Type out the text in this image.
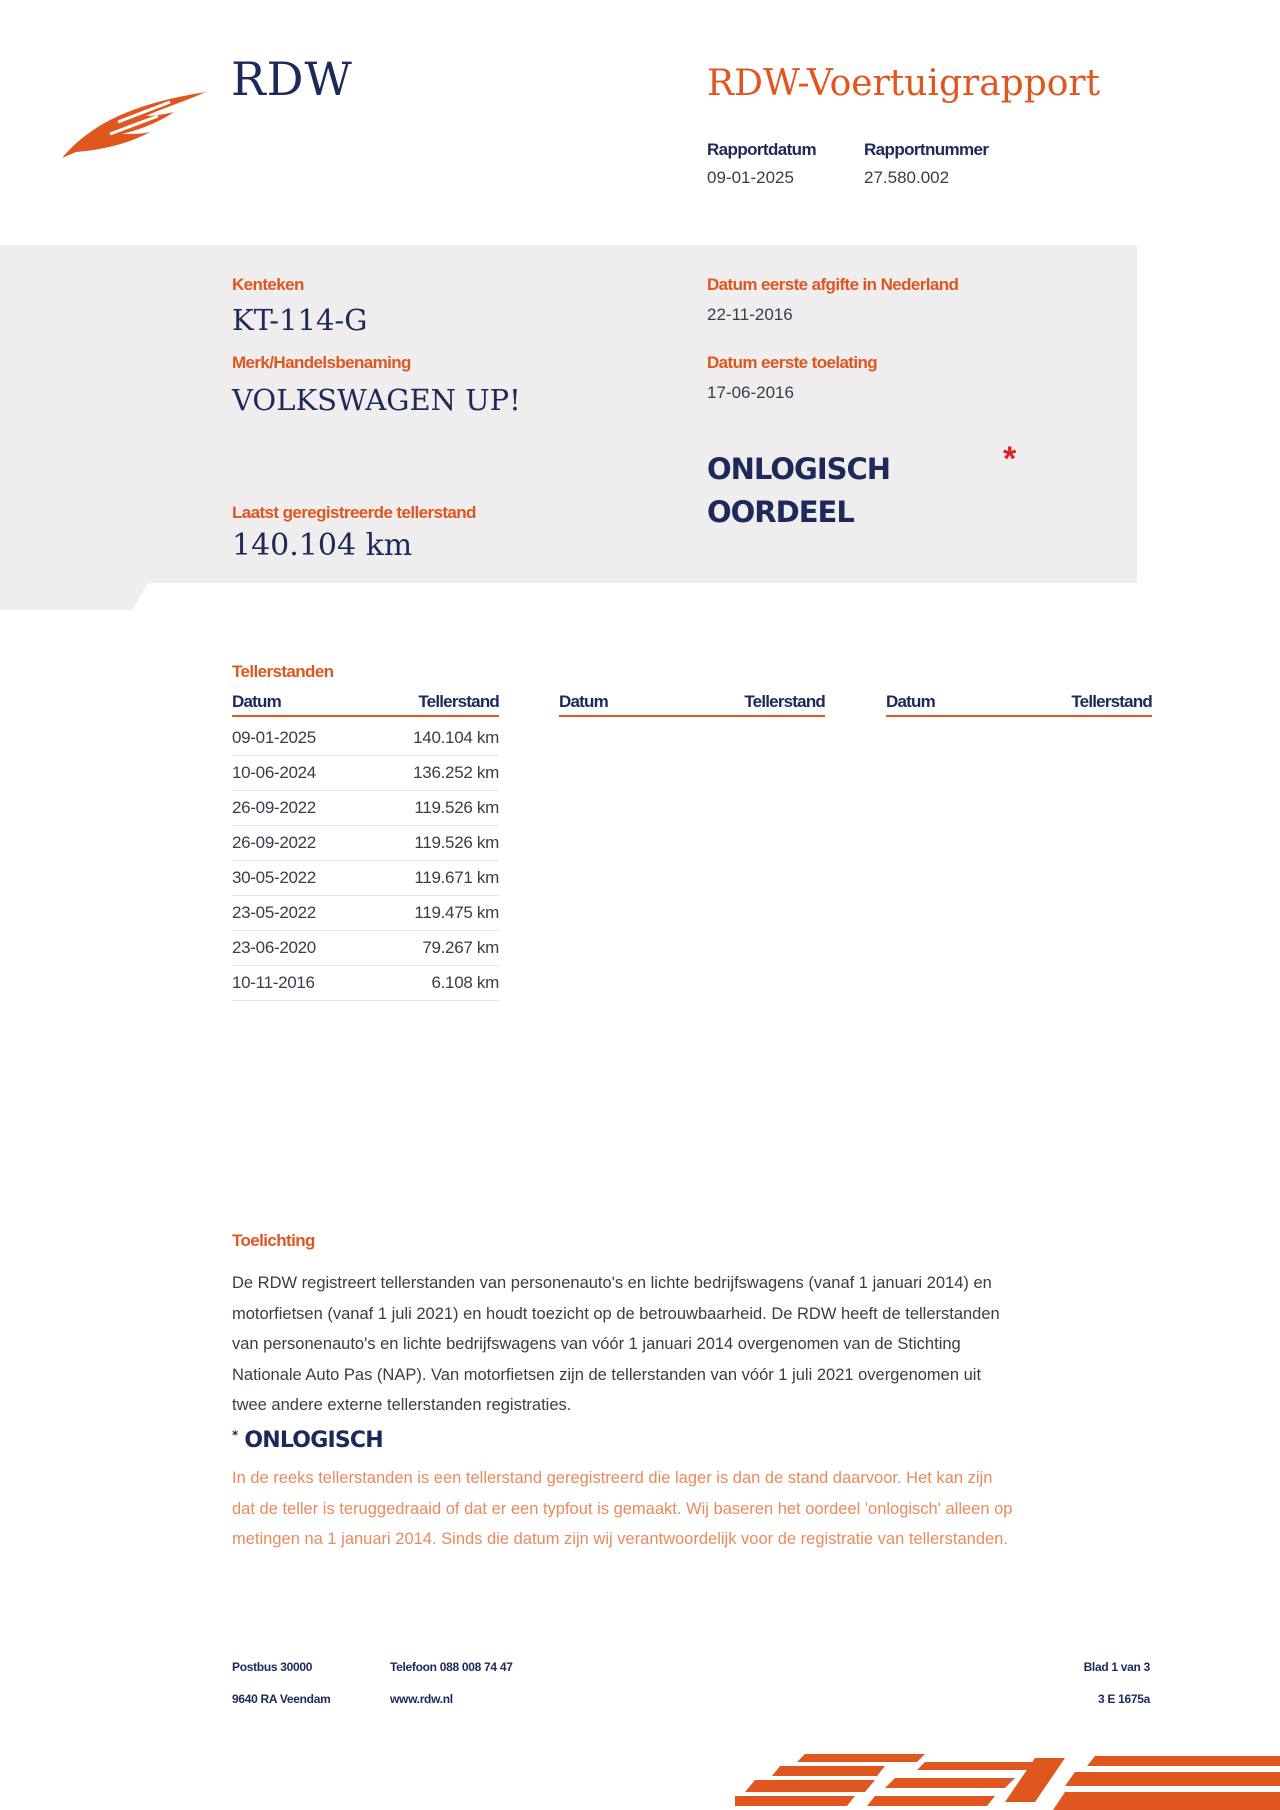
RDW	RDW-Voertuigrapport
Rapportdatum
09-01-2025
Rapportnummer
27.580.002
Kenteken
KT-114-G
Merk/Handelsbenaming
VOLKSWAGEN UP!
Laatst geregistreerde tellerstand
140.104 km
Datum eerste afgifte in Nederland
22-11-2016
Datum eerste toelating
17-06-2016
ONLOGISCH
OORDEEL
*
Tellerstanden
Datum	Tellerstand
09-01-2025	140.104 km
10-06-2024	136.252 km
26-09-2022	119.526 km
26-09-2022	119.526 km
30-05-2022	119.671 km
23-05-2022	119.475 km
23-06-2020	79.267 km
10-11-2016	6.108 km
Datum	Tellerstand	Datum	Tellerstand
Toelichting
De RDW registreert tellerstanden van personenauto's en lichte bedrijfswagens (vanaf 1 januari 2014) en
motorfietsen (vanaf 1 juli 2021) en houdt toezicht op de betrouwbaarheid. De RDW heeft de tellerstanden
van personenauto's en lichte bedrijfswagens van vóór 1 januari 2014 overgenomen van de Stichting
Nationale Auto Pas (NAP). Van motorfietsen zijn de tellerstanden van vóór 1 juli 2021 overgenomen uit
twee andere externe tellerstanden registraties.
* ONLOGISCH
In de reeks tellerstanden is een tellerstand geregistreerd die lager is dan de stand daarvoor. Het kan zijn
dat de teller is teruggedraaid of dat er een typfout is gemaakt. Wij baseren het oordeel 'onlogisch' alleen op
metingen na 1 januari 2014. Sinds die datum zijn wij verantwoordelijk voor de registratie van tellerstanden.
Postbus 30000
9640 RA Veendam
Telefoon 088 008 74 47
www.rdw.nl
Blad 1 van 3
3 E 1675a
